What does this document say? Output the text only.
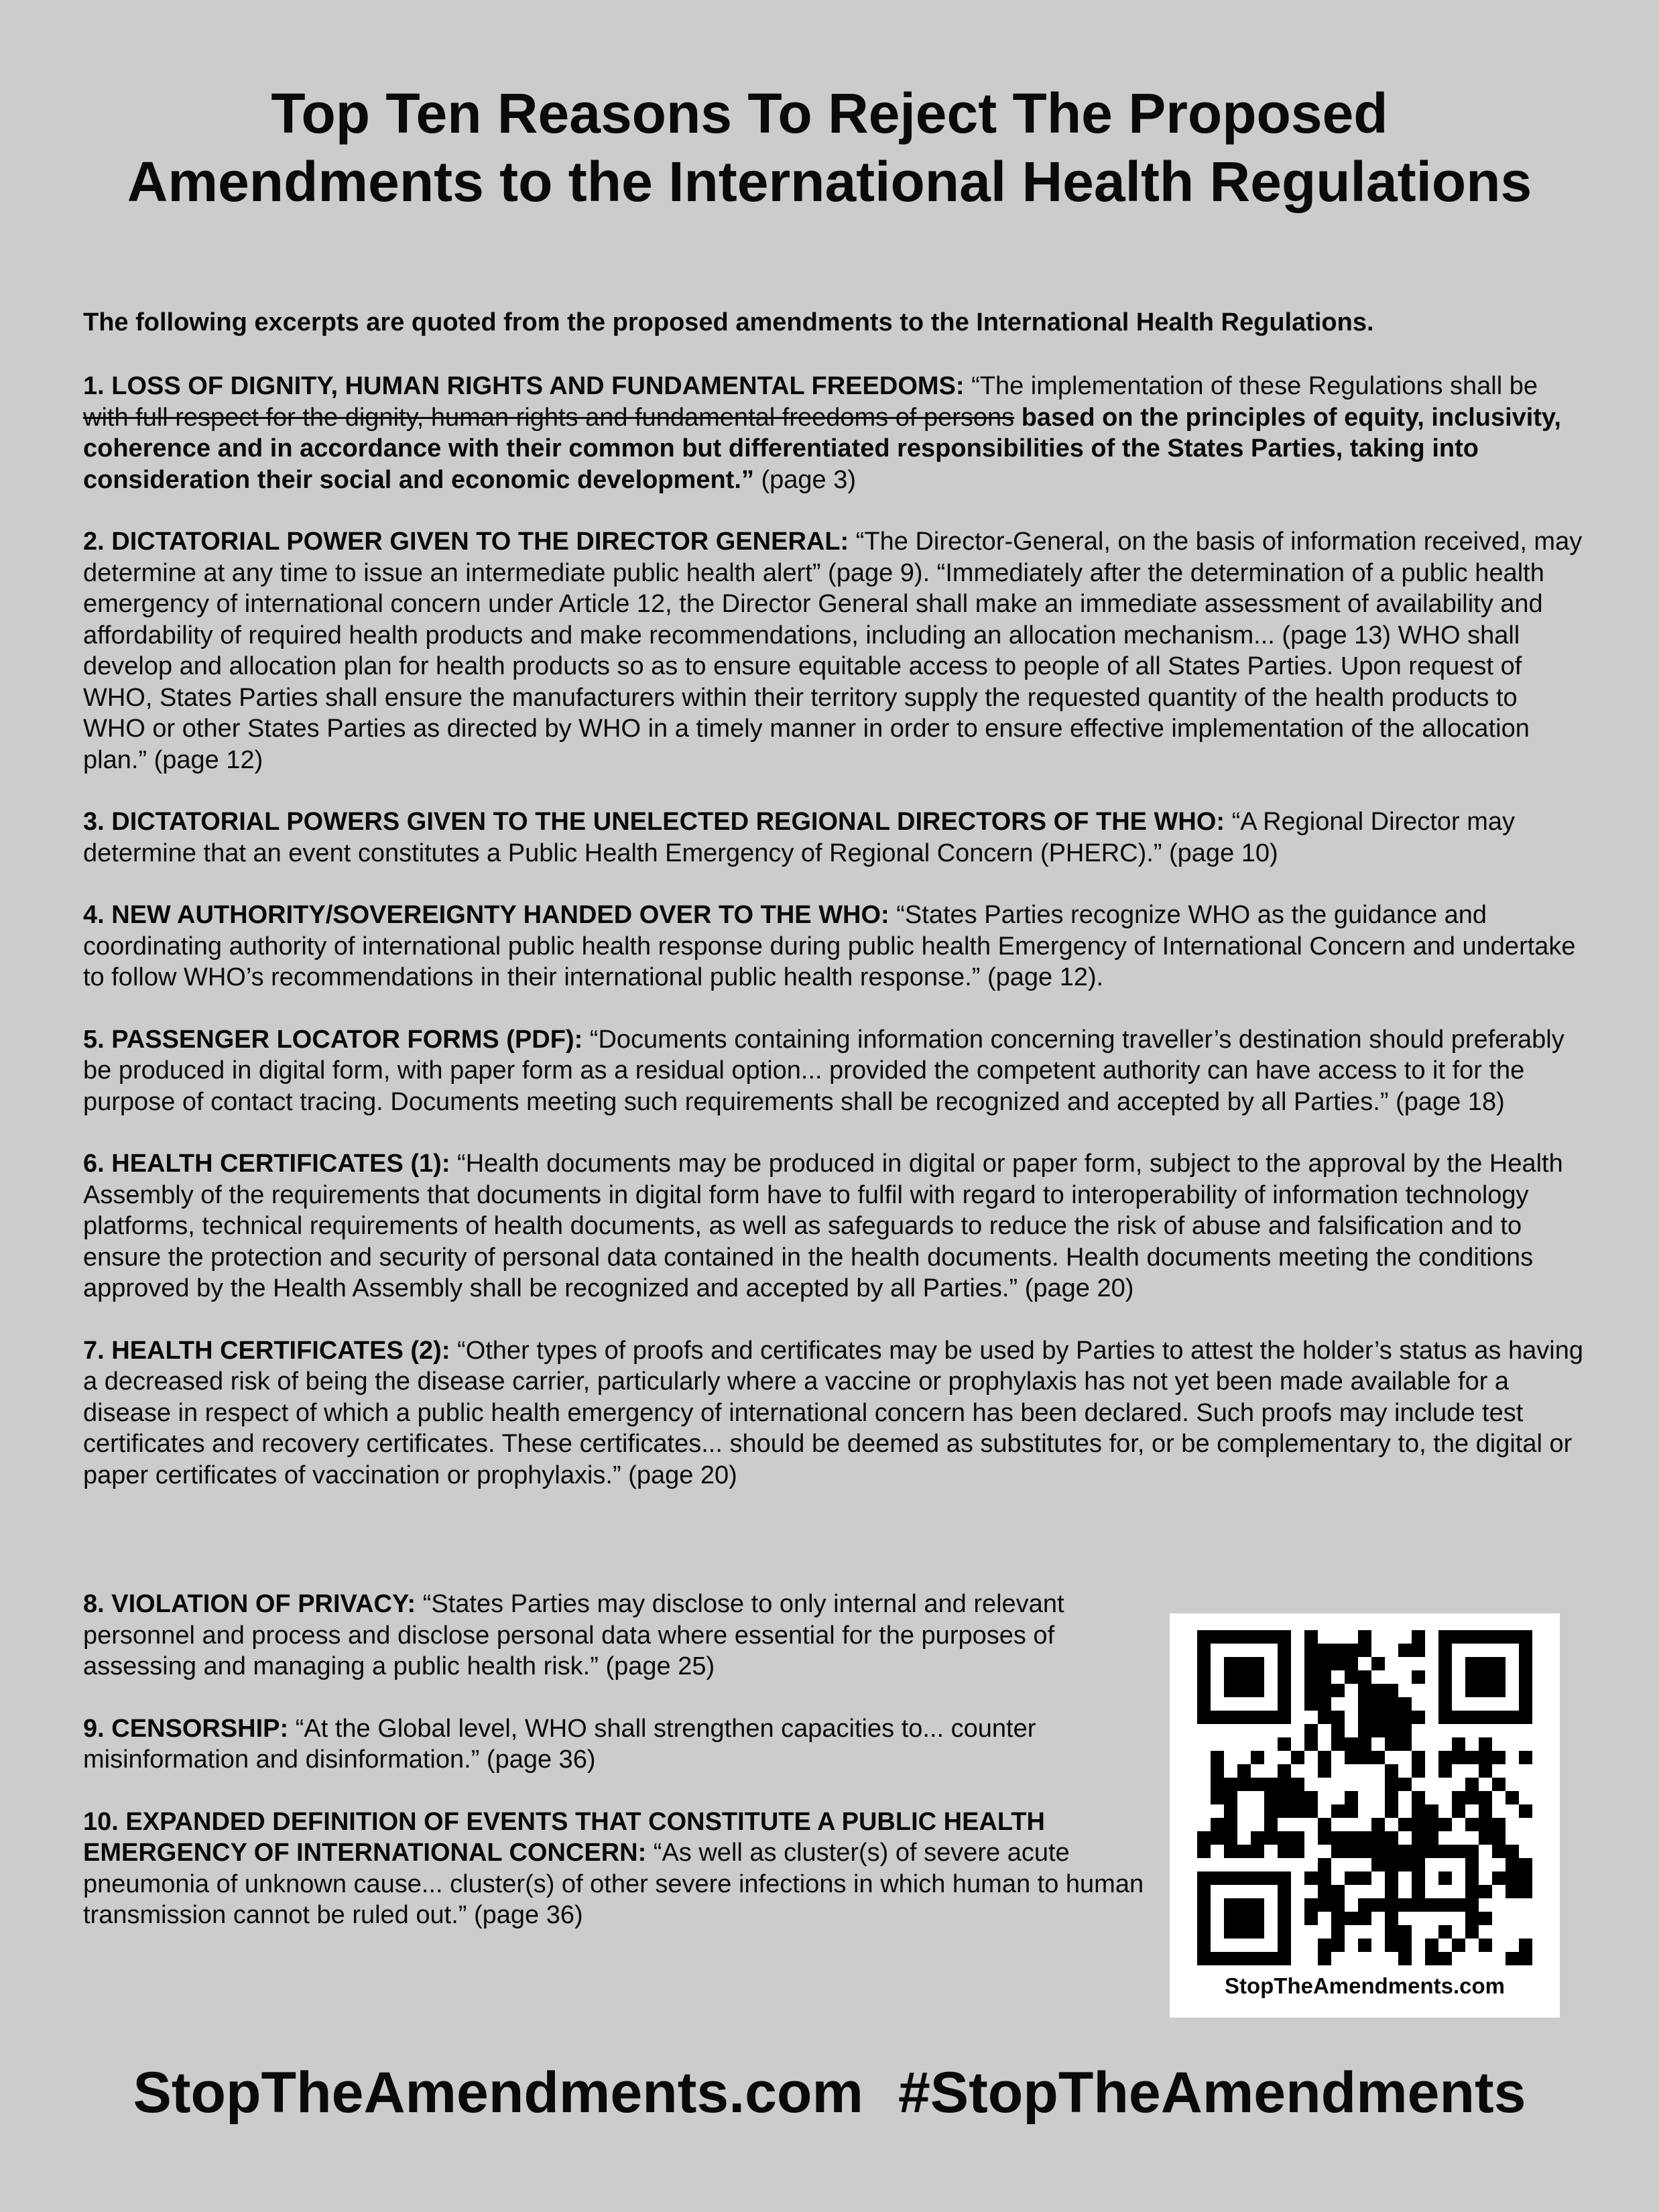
Top Ten Reasons To Reject The Proposed
Amendments to the International Health Regulations
The following excerpts are quoted from the proposed amendments to the International Health Regulations.

1. LOSS OF DIGNITY, HUMAN RIGHTS AND FUNDAMENTAL FREEDOMS: “The implementation of these Regulations shall be with full respect for the dignity, human rights and fundamental freedoms of persons based on the principles of equity, inclusivity, coherence and in accordance with their common but differentiated responsibilities of the States Parties, taking into consideration their social and economic development.” (page 3)

2. DICTATORIAL POWER GIVEN TO THE DIRECTOR GENERAL: “The Director-General, on the basis of information received, may determine at any time to issue an intermediate public health alert” (page 9). “Immediately after the determination of a public health emergency of international concern under Article 12, the Director General shall make an immediate assessment of availability and affordability of required health products and make recommendations, including an allocation mechanism... (page 13) WHO shall develop and allocation plan for health products so as to ensure equitable access to people of all States Parties. Upon request of WHO, States Parties shall ensure the manufacturers within their territory supply the requested quantity of the health products to WHO or other States Parties as directed by WHO in a timely manner in order to ensure effective implementation of the allocation plan.” (page 12)

3. DICTATORIAL POWERS GIVEN TO THE UNELECTED REGIONAL DIRECTORS OF THE WHO: “A Regional Director may determine that an event constitutes a Public Health Emergency of Regional Concern (PHERC).” (page 10)

4. NEW AUTHORITY/SOVEREIGNTY HANDED OVER TO THE WHO: “States Parties recognize WHO as the guidance and coordinating authority of international public health response during public health Emergency of International Concern and undertake to follow WHO’s recommendations in their international public health response.” (page 12).

5. PASSENGER LOCATOR FORMS (PDF): “Documents containing information concerning traveller’s destination should preferably be produced in digital form, with paper form as a residual option... provided the competent authority can have access to it for the purpose of contact tracing. Documents meeting such requirements shall be recognized and accepted by all Parties.” (page 18)

6. HEALTH CERTIFICATES (1): “Health documents may be produced in digital or paper form, subject to the approval by the Health Assembly of the requirements that documents in digital form have to fulfil with regard to interoperability of information technology platforms, technical requirements of health documents, as well as safeguards to reduce the risk of abuse and falsification and to ensure the protection and security of personal data contained in the health documents. Health documents meeting the conditions approved by the Health Assembly shall be recognized and accepted by all Parties.” (page 20)

7. HEALTH CERTIFICATES (2): “Other types of proofs and certificates may be used by Parties to attest the holder’s status as having a decreased risk of being the disease carrier, particularly where a vaccine or prophylaxis has not yet been made available for a disease in respect of which a public health emergency of international concern has been declared. Such proofs may include test certificates and recovery certificates. These certificates... should be deemed as substitutes for, or be complementary to, the digital or paper certificates of vaccination or prophylaxis.” (page 20)

8. VIOLATION OF PRIVACY: “States Parties may disclose to only internal and relevant personnel and process and disclose personal data where essential for the purposes of assessing and managing a public health risk.” (page 25)

9. CENSORSHIP: “At the Global level, WHO shall strengthen capacities to... counter misinformation and disinformation.” (page 36)

10. EXPANDED DEFINITION OF EVENTS THAT CONSTITUTE A PUBLIC HEALTH EMERGENCY OF INTERNATIONAL CONCERN: “As well as cluster(s) of severe acute pneumonia of unknown cause... cluster(s) of other severe infections in which human to human transmission cannot be ruled out.” (page 36)

StopTheAmendments.com
StopTheAmendments.com #StopTheAmendments
